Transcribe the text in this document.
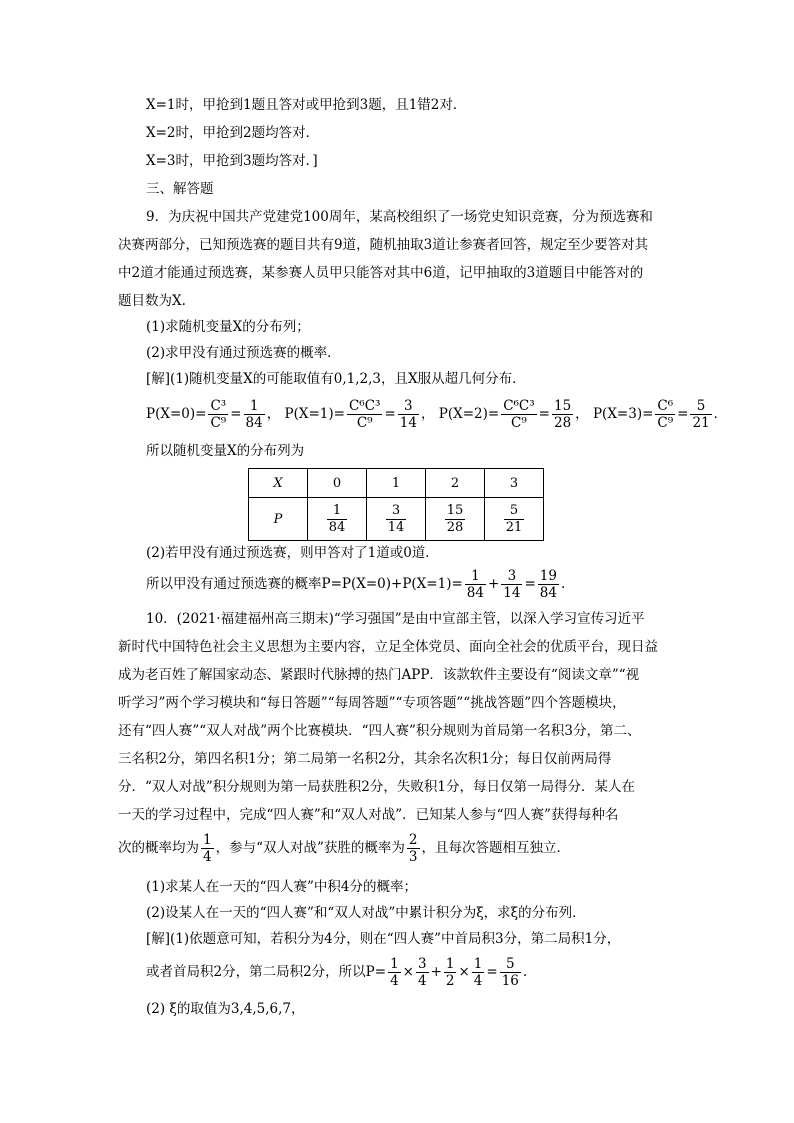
X=1时，甲抢到1题且答对或甲抢到3题，且1错2对．
X=2时，甲抢到2题均答对．
X=3时，甲抢到3题均答对．]
三、解答题
9．为庆祝中国共产党建党100周年，某高校组织了一场党史知识竞赛，分为预选赛和
决赛两部分，已知预选赛的题目共有9道，随机抽取3道让参赛者回答，规定至少要答对其
中2道才能通过预选赛，某参赛人员甲只能答对其中6道，记甲抽取的3道题目中能答对的
题目数为X.
(1)求随机变量X的分布列；
(2)求甲没有通过预选赛的概率．
[解](1)随机变量X的可能取值有0,1,2,3，且X服从超几何分布．
$P(X=0)= \frac{\text{C³}}{\text{C⁹}} = \frac{1}{84}$ ， $P(X=1)= \frac{\text{C⁶C³}}{\text{C⁹}} = \frac{3}{14}$ ， $P(X=2)= \frac{\text{C⁶C³}}{\text{C⁹}} = \frac{15}{28}$ ， $P(X=3)= \frac{\text{C⁶}}{\text{C⁹}} = \frac{5}{21}$ ．
所以随机变量X的分布列为
X	0	1	2	3
P	$\frac{1}{84}$	$\frac{3}{14}$	$\frac{15}{28}$	$\frac{5}{21}$
(2)若甲没有通过预选赛，则甲答对了1道或0道．
所以甲没有通过预选赛的概率$P=P(X=0)+P(X=1)= \frac{1}{84} + \frac{3}{14} = \frac{19}{84}$ .
10．(2021·福建福州高三期末)“学习强国”是由中宣部主管，以深入学习宣传习近平
新时代中国特色社会主义思想为主要内容，立足全体党员、面向全社会的优质平台，现日益
成为老百姓了解国家动态、紧跟时代脉搏的热门APP．该款软件主要设有“阅读文章”“视
听学习”两个学习模块和“每日答题”“每周答题”“专项答题”“挑战答题”四个答题模块，
还有“四人赛”“双人对战”两个比赛模块．“四人赛”积分规则为首局第一名积3分，第二、
三名积2分，第四名积1分；第二局第一名积2分，其余名次积1分；每日仅前两局得
分．“双人对战”积分规则为第一局获胜积2分，失败积1分，每日仅第一局得分．某人在
一天的学习过程中，完成“四人赛”和“双人对战”．已知某人参与“四人赛”获得每种名
次的概率均为 $\frac{1}{4}$ ，参与“双人对战”获胜的概率为 $\frac{2}{3}$ ，且每次答题相互独立．
(1)求某人在一天的“四人赛”中积4分的概率；
(2)设某人在一天的“四人赛”和“双人对战”中累计积分为ξ，求ξ的分布列．
[解](1)依题意可知，若积分为4分，则在“四人赛”中首局积3分，第二局积1分，
或者首局积2分，第二局积2分，所以$P= \frac{1}{4} \times \frac{3}{4} + \frac{1}{2} \times \frac{1}{4} = \frac{5}{16}$ .
(2) ξ的取值为3,4,5,6,7，
